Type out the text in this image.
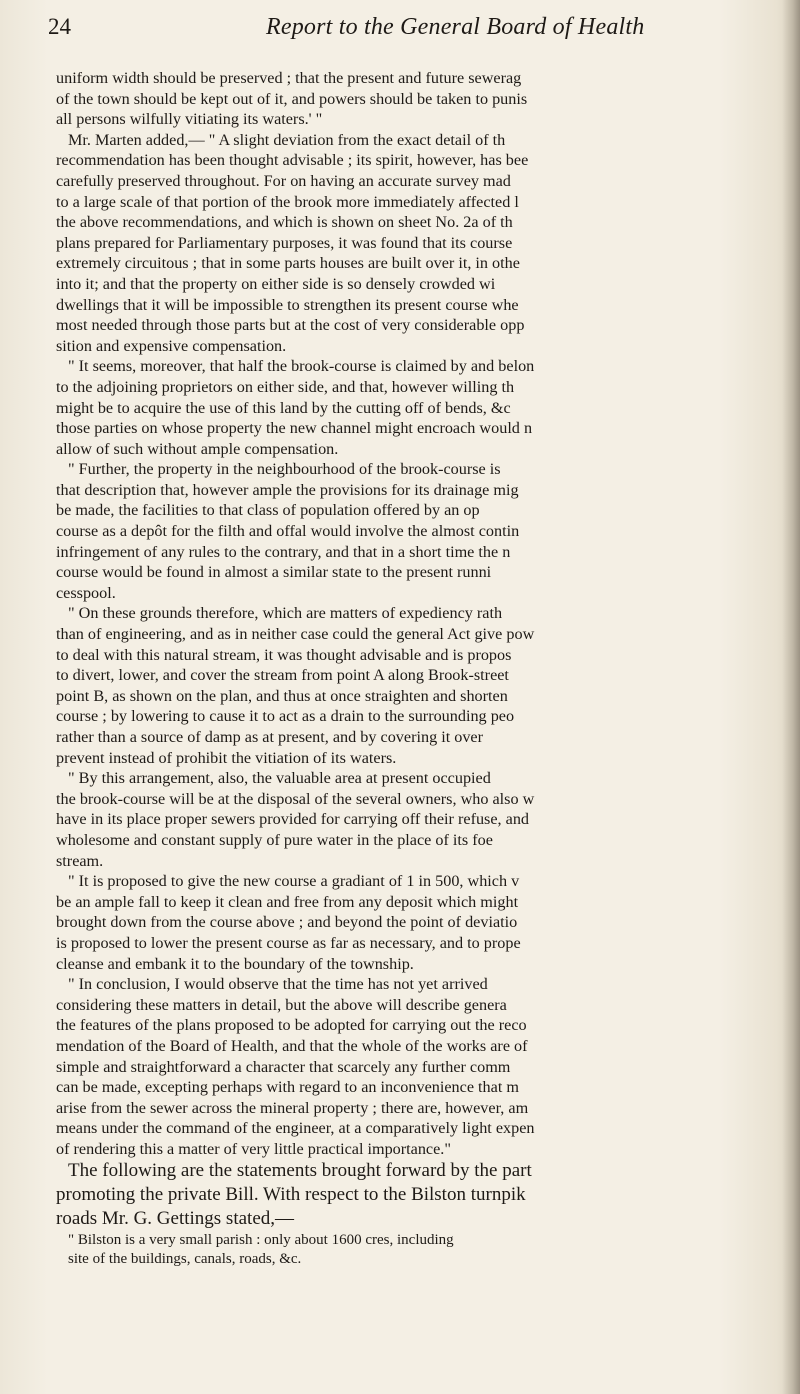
24	Report to the General Board of Health
uniform width should be preserved ; that the present and future sewerag
of the town should be kept out of it, and powers should be taken to punis
all persons wilfully vitiating its waters.' "
Mr. Marten added,— " A slight deviation from the exact detail of th
recommendation has been thought advisable ; its spirit, however, has bee
carefully preserved throughout. For on having an accurate survey mad
to a large scale of that portion of the brook more immediately affected l
the above recommendations, and which is shown on sheet No. 2a of th
plans prepared for Parliamentary purposes, it was found that its course
extremely circuitous ; that in some parts houses are built over it, in othe
into it; and that the property on either side is so densely crowded wi
dwellings that it will be impossible to strengthen its present course whe
most needed through those parts but at the cost of very considerable opp
sition and expensive compensation.
" It seems, moreover, that half the brook-course is claimed by and belon
to the adjoining proprietors on either side, and that, however willing th
might be to acquire the use of this land by the cutting off of bends, &c
those parties on whose property the new channel might encroach would n
allow of such without ample compensation.
" Further, the property in the neighbourhood of the brook-course is
that description that, however ample the provisions for its drainage mig
be made, the facilities to that class of population offered by an op
course as a depôt for the filth and offal would involve the almost contin
infringement of any rules to the contrary, and that in a short time the n
course would be found in almost a similar state to the present runni
cesspool.
" On these grounds therefore, which are matters of expediency rath
than of engineering, and as in neither case could the general Act give pow
to deal with this natural stream, it was thought advisable and is propos
to divert, lower, and cover the stream from point A along Brook-street
point B, as shown on the plan, and thus at once straighten and shorten
course ; by lowering to cause it to act as a drain to the surrounding peo
rather than a source of damp as at present, and by covering it over
prevent instead of prohibit the vitiation of its waters.
" By this arrangement, also, the valuable area at present occupied
the brook-course will be at the disposal of the several owners, who also w
have in its place proper sewers provided for carrying off their refuse, and
wholesome and constant supply of pure water in the place of its foe
stream.
" It is proposed to give the new course a gradiant of 1 in 500, which v
be an ample fall to keep it clean and free from any deposit which might
brought down from the course above ; and beyond the point of deviatio
is proposed to lower the present course as far as necessary, and to prope
cleanse and embank it to the boundary of the township.
" In conclusion, I would observe that the time has not yet arrived
considering these matters in detail, but the above will describe genera
the features of the plans proposed to be adopted for carrying out the reco
mendation of the Board of Health, and that the whole of the works are of
simple and straightforward a character that scarcely any further comm
can be made, excepting perhaps with regard to an inconvenience that m
arise from the sewer across the mineral property ; there are, however, am
means under the command of the engineer, at a comparatively light expen
of rendering this a matter of very little practical importance."
The following are the statements brought forward by the part
promoting the private Bill. With respect to the Bilston turnpik
roads Mr. G. Gettings stated,—
" Bilston is a very small parish : only about 1600 cres, including
site of the buildings, canals, roads, &c.
